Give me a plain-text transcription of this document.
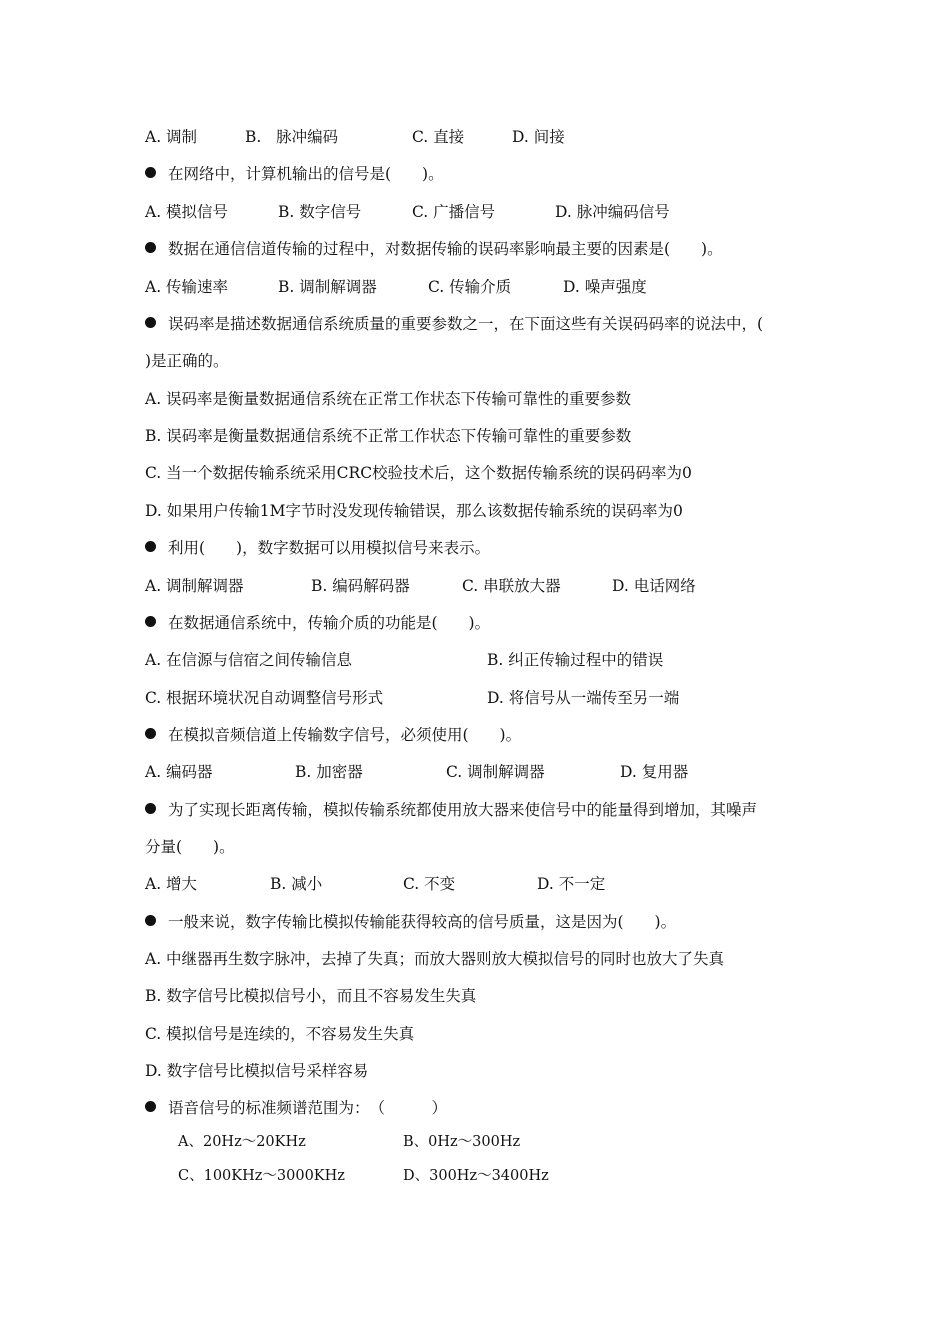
A. 调制	B.   脉冲编码	C. 直接	D. 间接
在网络中，计算机输出的信号是(　　)。
A. 模拟信号	B. 数字信号	C. 广播信号	D. 脉冲编码信号
数据在通信信道传输的过程中，对数据传输的误码率影响最主要的因素是(　　)。
A. 传输速率	B. 调制解调器	C. 传输介质	D. 噪声强度
误码率是描述数据通信系统质量的重要参数之一，在下面这些有关误码码率的说法中，(
)是正确的。
A. 误码率是衡量数据通信系统在正常工作状态下传输可靠性的重要参数
B. 误码率是衡量数据通信系统不正常工作状态下传输可靠性的重要参数
C. 当一个数据传输系统采用CRC校验技术后，这个数据传输系统的误码码率为0
D. 如果用户传输1M字节时没发现传输错误，那么该数据传输系统的误码率为0
利用(　　)，数字数据可以用模拟信号来表示。
A. 调制解调器	B. 编码解码器	C. 串联放大器	D. 电话网络
在数据通信系统中，传输介质的功能是(　　)。
A. 在信源与信宿之间传输信息	B. 纠正传输过程中的错误
C. 根据环境状况自动调整信号形式	D. 将信号从一端传至另一端
在模拟音频信道上传输数字信号，必须使用(　　)。
A. 编码器	B. 加密器	C. 调制解调器	D. 复用器
为了实现长距离传输，模拟传输系统都使用放大器来使信号中的能量得到增加，其噪声
分量(　　)。
A. 增大	B. 减小	C. 不变	D. 不一定
一般来说，数字传输比模拟传输能获得较高的信号质量，这是因为(　　)。
A. 中继器再生数字脉冲，去掉了失真；而放大器则放大模拟信号的同时也放大了失真
B. 数字信号比模拟信号小，而且不容易发生失真
C. 模拟信号是连续的，不容易发生失真
D. 数字信号比模拟信号采样容易
语音信号的标准频谱范围为：　（　　　）
A、20Hz～20KHz	B、0Hz～300Hz
C、100KHz～3000KHz	D、300Hz～3400Hz
